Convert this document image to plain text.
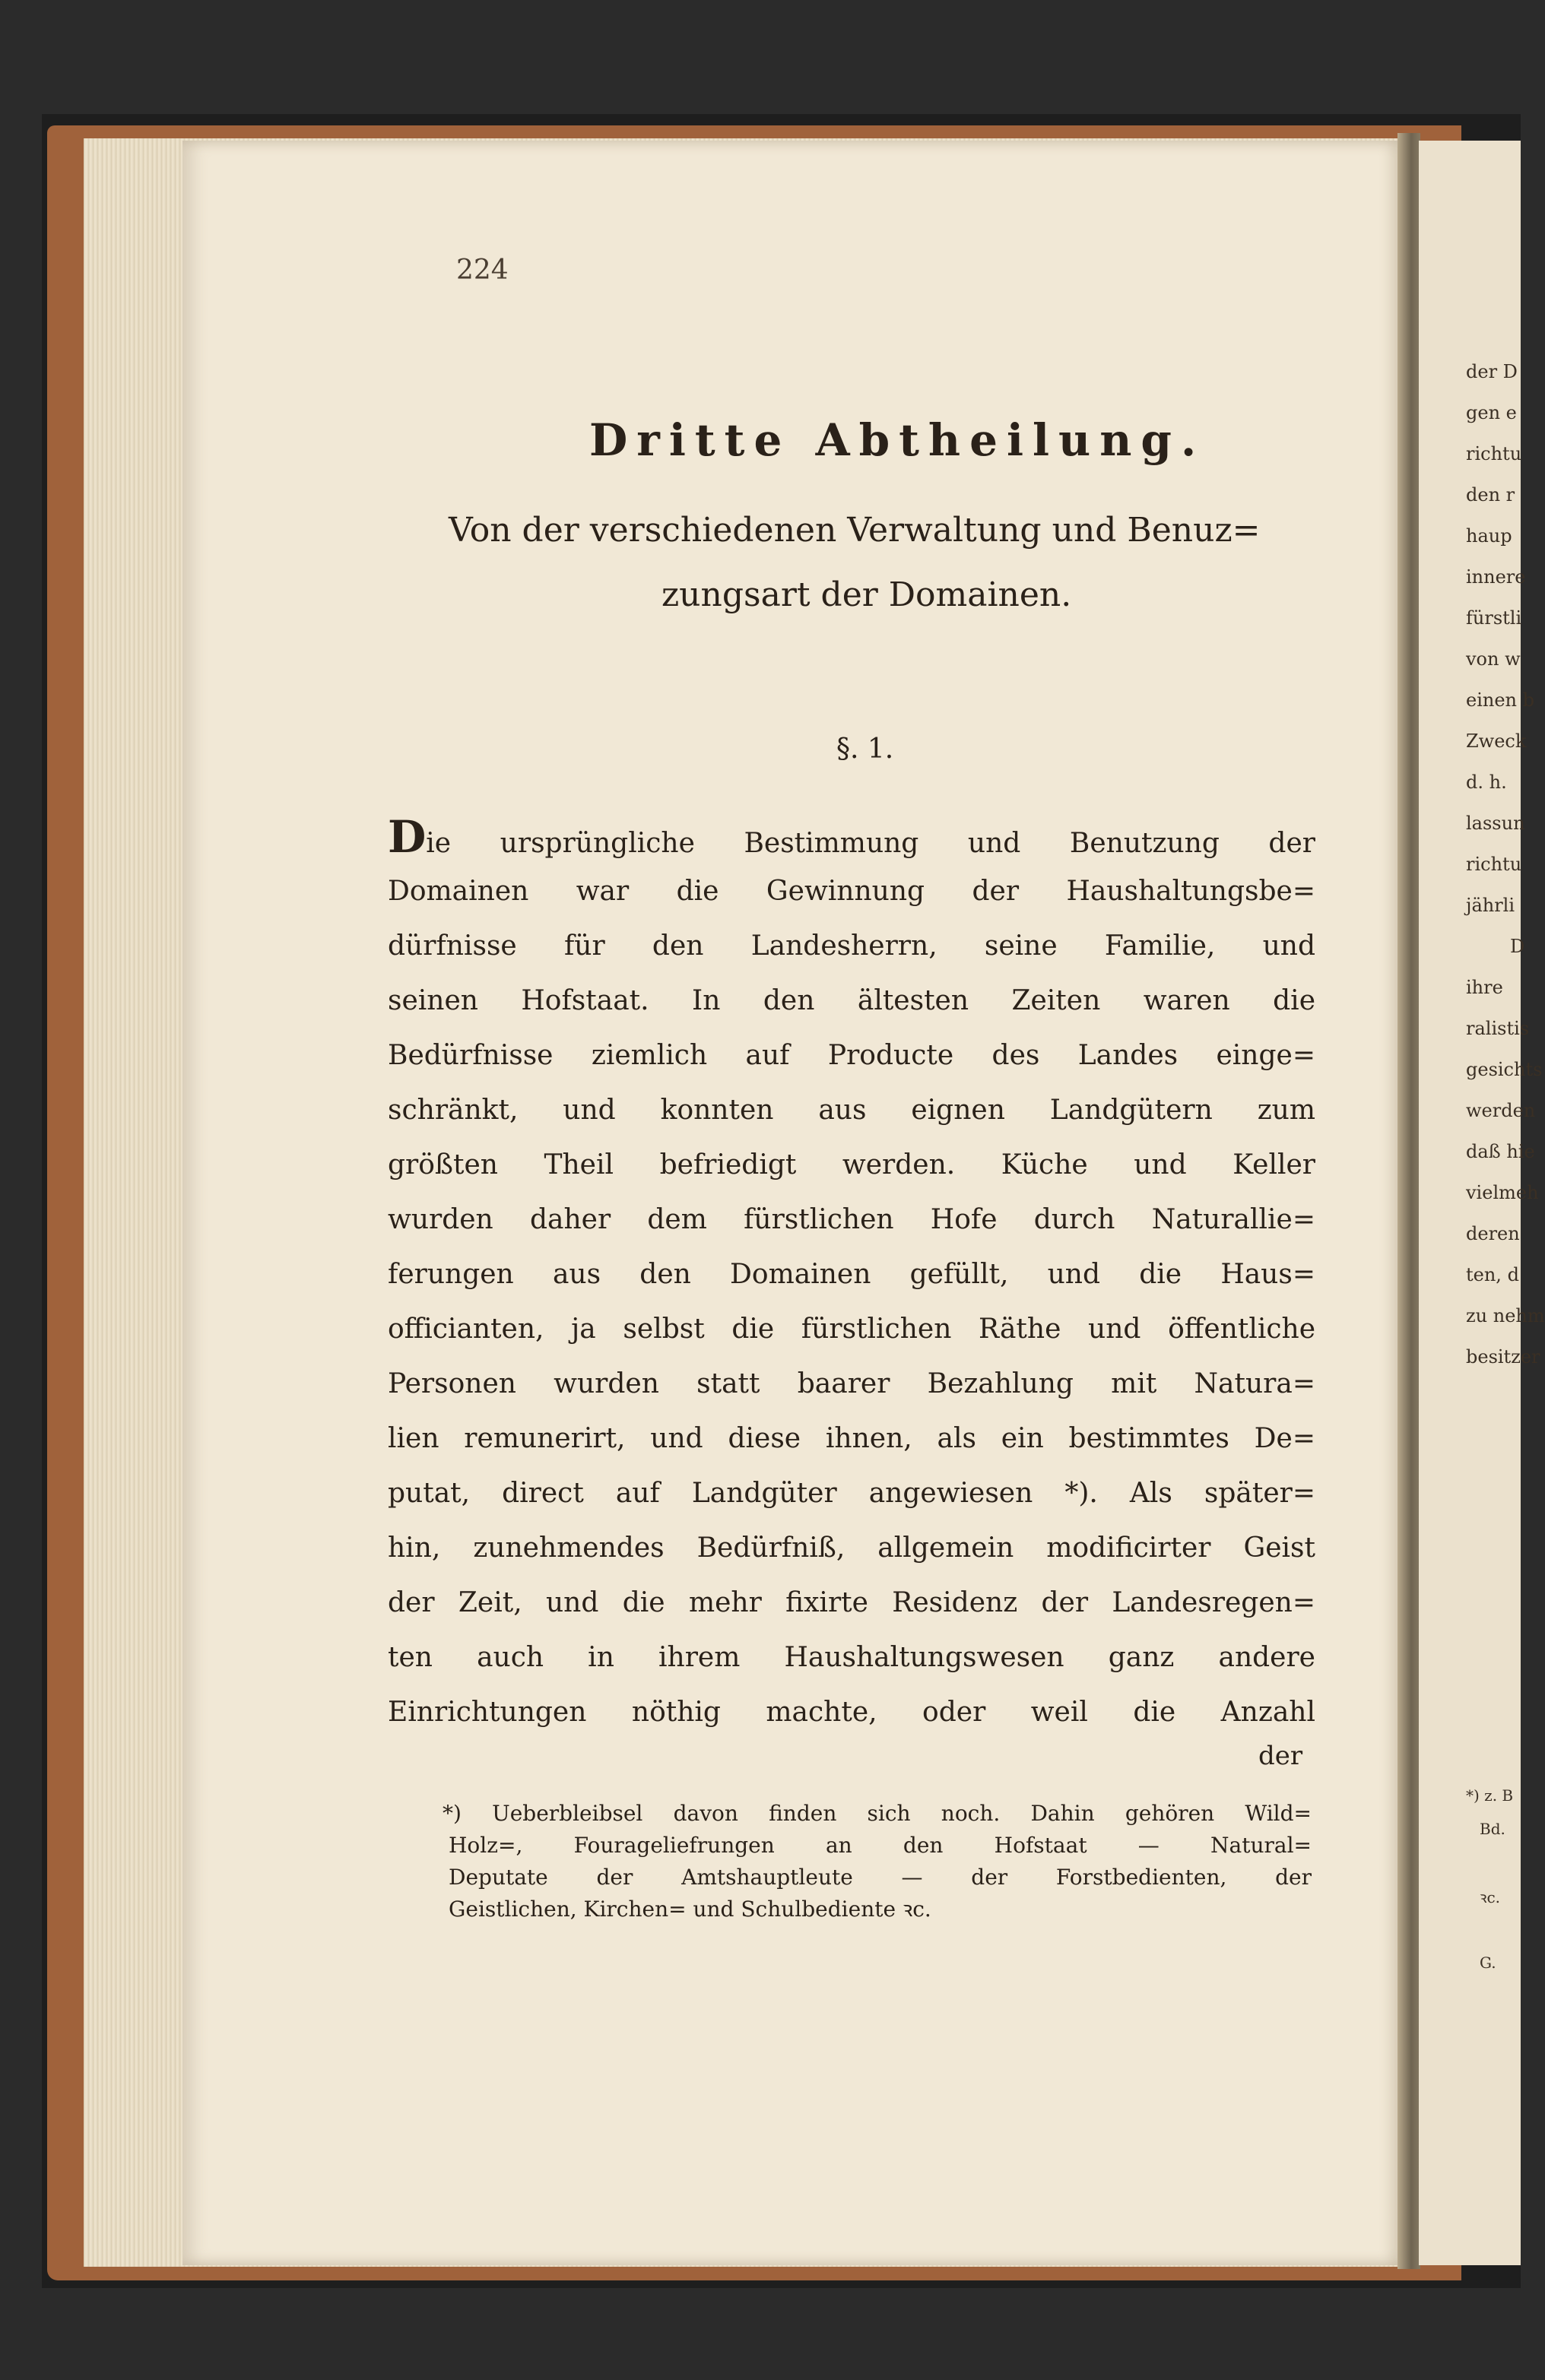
der D
gen e
richtu
den r
haup
innere
fürstli
von w
einen b
Zweck
d. h.
lassun
richtu
jährli
D
ihre
ralistis
gesichts
werden
daß hie
vielmeh
deren
ten, d
zu nehm
besitzer
*) z. B
Bd.
ꝛc.
G.
224
Dritte Abtheilung.
Von der verschiedenen Verwaltung und Benuz=
zungsart der Domainen.
§. 1.
Die ursprüngliche Bestimmung und Benutzung der
Domainen war die Gewinnung der Haushaltungsbe=
dürfnisse für den Landesherrn, seine Familie, und
seinen Hofstaat. In den ältesten Zeiten waren die
Bedürfnisse ziemlich auf Producte des Landes einge=
schränkt, und konnten aus eignen Landgütern zum
größten Theil befriedigt werden. Küche und Keller
wurden daher dem fürstlichen Hofe durch Naturallie=
ferungen aus den Domainen gefüllt, und die Haus=
officianten, ja selbst die fürstlichen Räthe und öffentliche
Personen wurden statt baarer Bezahlung mit Natura=
lien remunerirt, und diese ihnen, als ein bestimmtes De=
putat, direct auf Landgüter angewiesen *). Als später=
hin, zunehmendes Bedürfniß, allgemein modificirter Geist
der Zeit, und die mehr fixirte Residenz der Landesregen=
ten auch in ihrem Haushaltungswesen ganz andere
Einrichtungen nöthig machte, oder weil die Anzahl
der
*) Ueberbleibsel davon finden sich noch. Dahin gehören Wild=
Holz=, Fourageliefrungen an den Hofstaat — Natural=
Deputate der Amtshauptleute — der Forstbedienten, der
Geistlichen, Kirchen= und Schulbediente ꝛc.
